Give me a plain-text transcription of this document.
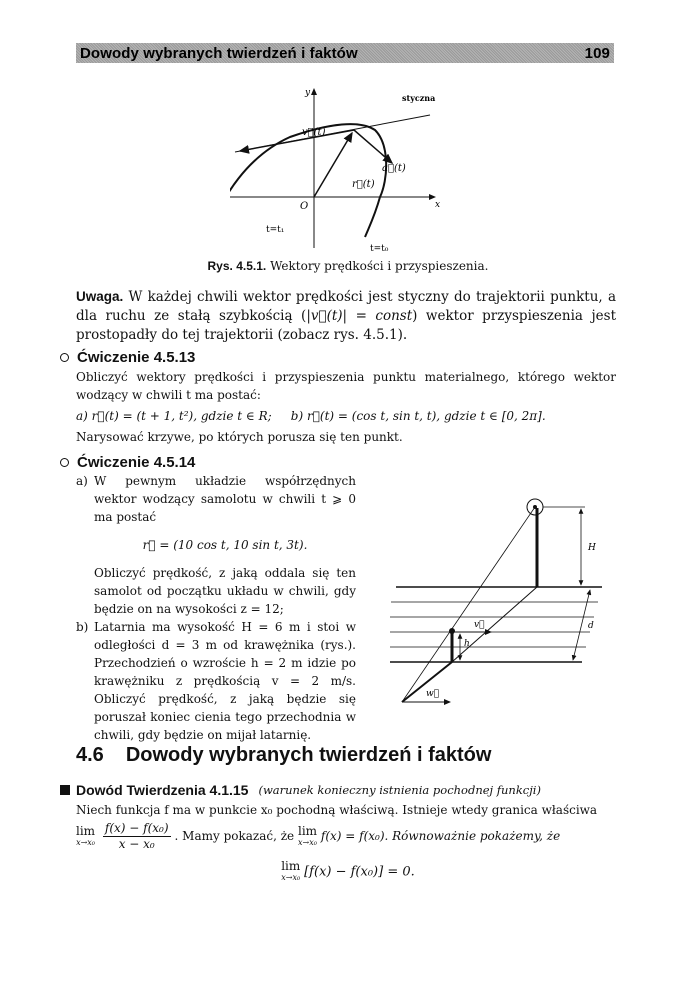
Dowody wybranych twierdzeń i faktów	109
y
x
O
styczna
v⃗(t)
a⃗(t)
r⃗(t)
t=t₁
t=t₀
Rys. 4.5.1. Wektory prędkości i przyspieszenia.
Uwaga. W każdej chwili wektor prędkości jest styczny do trajektorii punktu, a dla ruchu ze stałą szybkością (|v⃗(t)| = const) wektor przyspieszenia jest prostopadły do tej trajektorii (zobacz rys. 4.5.1).
Ćwiczenie 4.5.13
Obliczyć wektory prędkości i przyspieszenia punktu materialnego, którego wektor wodzący w chwili t ma postać:
a) r⃗(t) = (t + 1, t²), gdzie t ∈ R; b) r⃗(t) = (cos t, sin t, t), gdzie t ∈ [0, 2π].
Narysować krzywe, po których porusza się ten punkt.
Ćwiczenie 4.5.14
a) W pewnym układzie współrzędnych wektor wodzący samolotu w chwili t ⩾ 0 ma postać
r⃗ = (10 cos t, 10 sin t, 3t).
Obliczyć prędkość, z jaką oddala się ten samolot od początku układu w chwili, gdy będzie on na wysokości z = 12;
b) Latarnia ma wysokość H = 6 m i stoi w odległości d = 3 m od krawężnika (rys.). Przechodzień o wzroście h = 2 m idzie po krawężniku z prędkością v = 2 m/s. Obliczyć prędkość, z jaką będzie się poruszał koniec cienia tego przechodnia w chwili, gdy będzie on mijał latarnię.
H
d
h
v⃗
w⃗
4.6 Dowody wybranych twierdzeń i faktów
Dowód Twierdzenia 4.1.15 (warunek konieczny istnienia pochodnej funkcji)
Niech funkcja f ma w punkcie x₀ pochodną właściwą. Istnieje wtedy granica właściwa
lim
x→x₀
$\frac{\text{f(x) − f(x₀)}}{\text{x − x₀}}$ . Mamy pokazać, że lim
x→x₀ f(x) = f(x₀). Równoważnie pokażemy, że
lim
x→x₀ [f(x) − f(x₀)] = 0.
